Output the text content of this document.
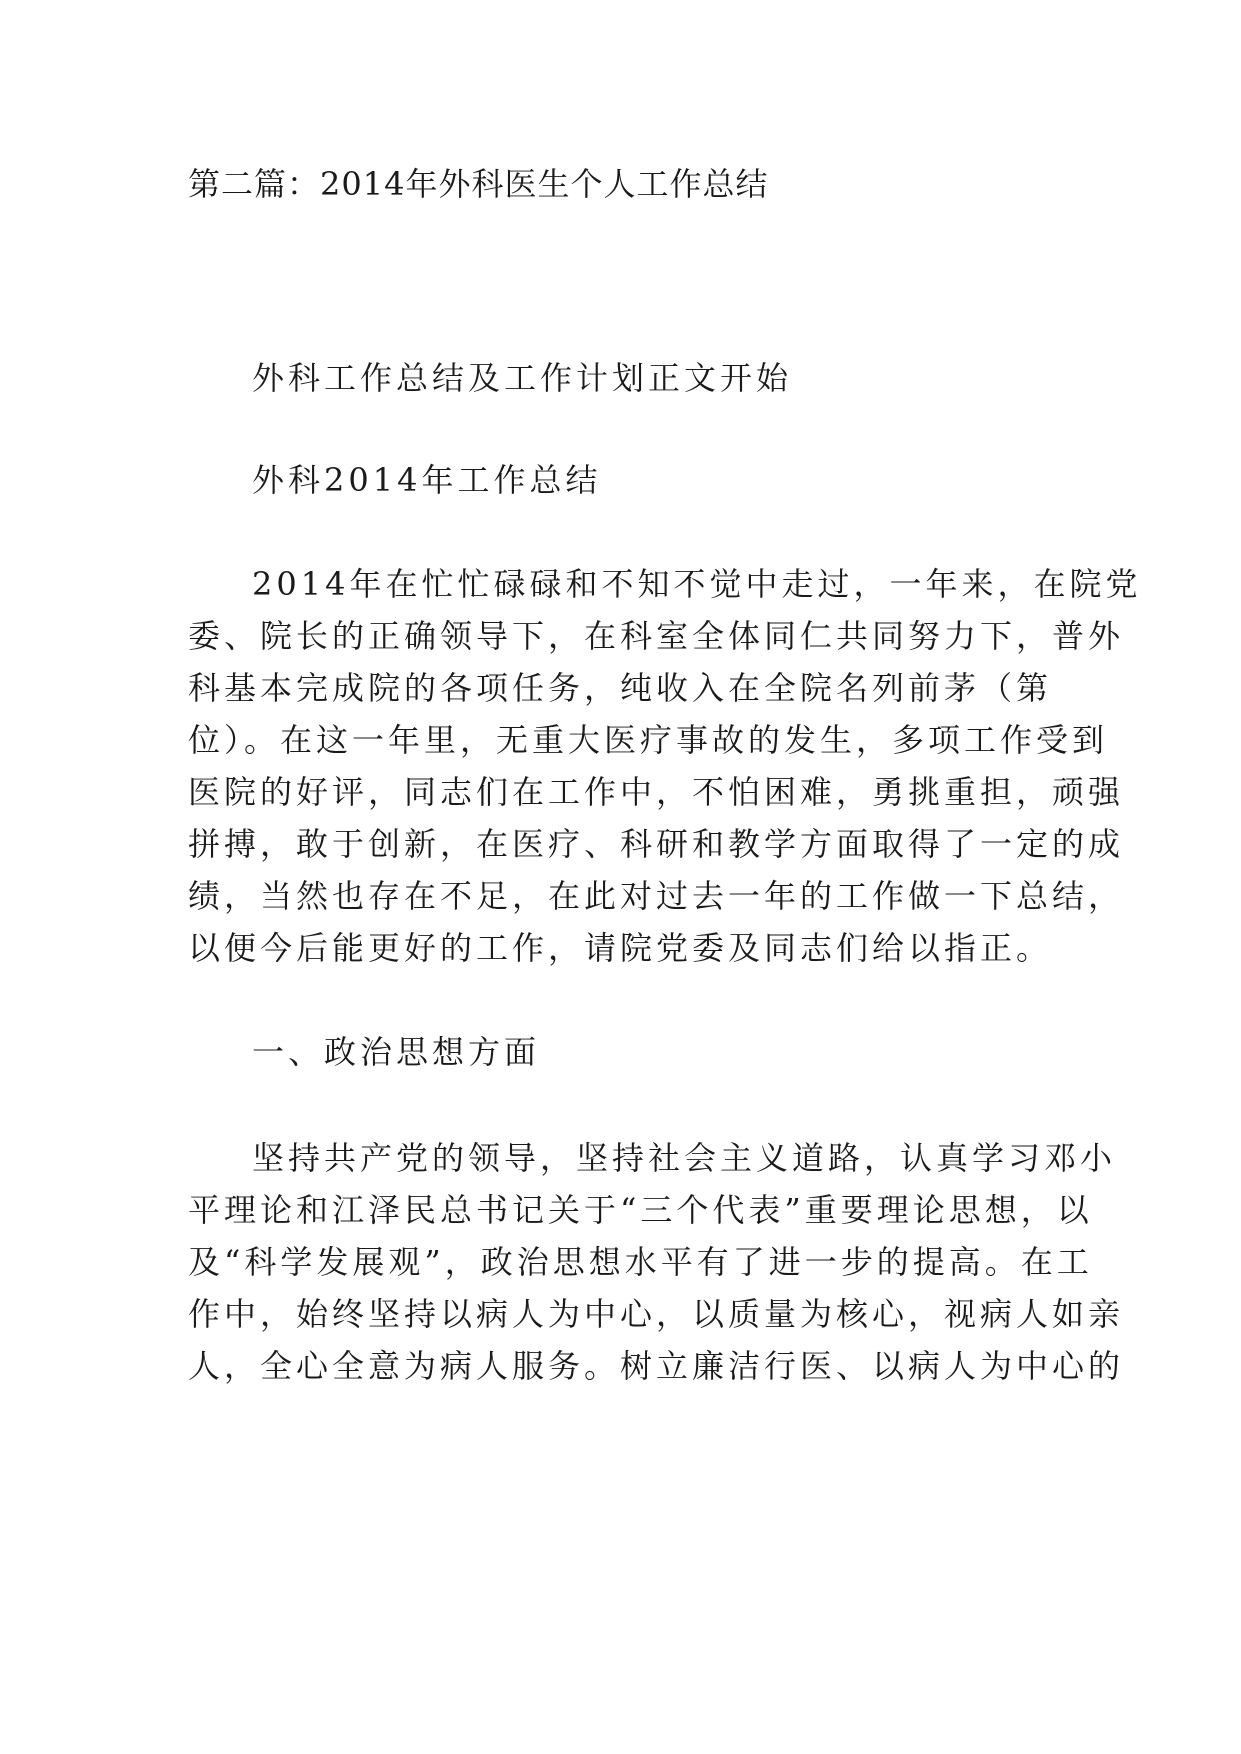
第二篇：2014年外科医生个人工作总结
外科工作总结及工作计划正文开始
外科2014年工作总结
2014年在忙忙碌碌和不知不觉中走过，一年来，在院党
委、院长的正确领导下，在科室全体同仁共同努力下，普外
科基本完成院的各项任务，纯收入在全院名列前茅（第
位）。在这一年里，无重大医疗事故的发生，多项工作受到
医院的好评，同志们在工作中，不怕困难，勇挑重担，顽强
拼搏，敢于创新，在医疗、科研和教学方面取得了一定的成
绩，当然也存在不足，在此对过去一年的工作做一下总结，
以便今后能更好的工作，请院党委及同志们给以指正。
一、政治思想方面
坚持共产党的领导，坚持社会主义道路，认真学习邓小
平理论和江泽民总书记关于“三个代表”重要理论思想，以
及“科学发展观”，政治思想水平有了进一步的提高。在工
作中，始终坚持以病人为中心，以质量为核心，视病人如亲
人，全心全意为病人服务。树立廉洁行医、以病人为中心的
